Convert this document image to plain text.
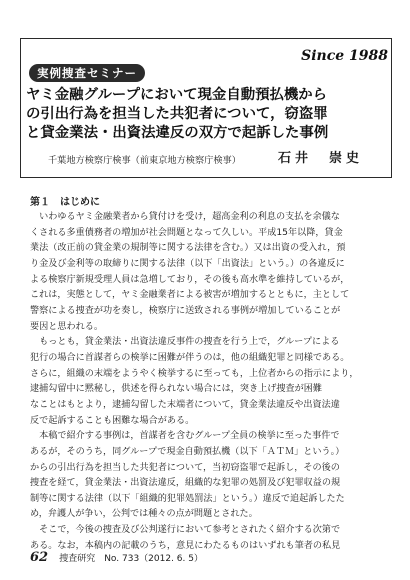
Since 1988
実例捜査セミナー
ヤミ金融グループにおいて現金自動預払機から
の引出行為を担当した共犯者について，窃盗罪
と貸金業法・出資法違反の双方で起訴した事例
千葉地方検察庁検事（前東京地方検察庁検事）	石井　崇史
第１　はじめに

　いわゆるヤミ金融業者から貸付けを受け，超高金利の利息の支払を余儀な
くされる多重債務者の増加が社会問題となって久しい。平成15年以降，貸金
業法（改正前の貸金業の規制等に関する法律を含む。）又は出資の受入れ，預
り金及び金利等の取締りに関する法律（以下「出資法」という。）の各違反に
よる検察庁新規受理人員は急増しており，その後も高水準を維持しているが，
これは，実態として，ヤミ金融業者による被害が増加するとともに，主として
警察による捜査が功を奏し，検察庁に送致される事例が増加していることが
要因と思われる。

　もっとも，貸金業法・出資法違反事件の捜査を行う上で，グループによる
犯行の場合に首謀者らの検挙に困難が伴うのは，他の組織犯罪と同様である。
さらに，組織の末端をようやく検挙するに至っても，上位者からの指示により，
逮捕勾留中に黙秘し，供述を得られない場合には，突き上げ捜査が困難
なことはもとより，逮捕勾留した末端者について，貸金業法違反や出資法違
反で起訴することも困難な場合がある。

　本稿で紹介する事例は，首謀者を含むグループ全員の検挙に至った事件で
あるが，そのうち，同グループで現金自動預払機（以下「ＡＴＭ」という。）
からの引出行為を担当した共犯者について，当初窃盗罪で起訴し，その後の
捜査を経て，貸金業法・出資法違反，組織的な犯罪の処罰及び犯罪収益の規
制等に関する法律（以下「組織的犯罪処罰法」という。）違反で追起訴したた
め，弁護人が争い，公判では種々の点が問題とされた。

　そこで，今後の捜査及び公判遂行において参考とされたく紹介する次第で
ある。なお，本稿内の記載のうち，意見にわたるものはいずれも筆者の私見

62 捜査研究　No. 733（2012. 6. 5）
